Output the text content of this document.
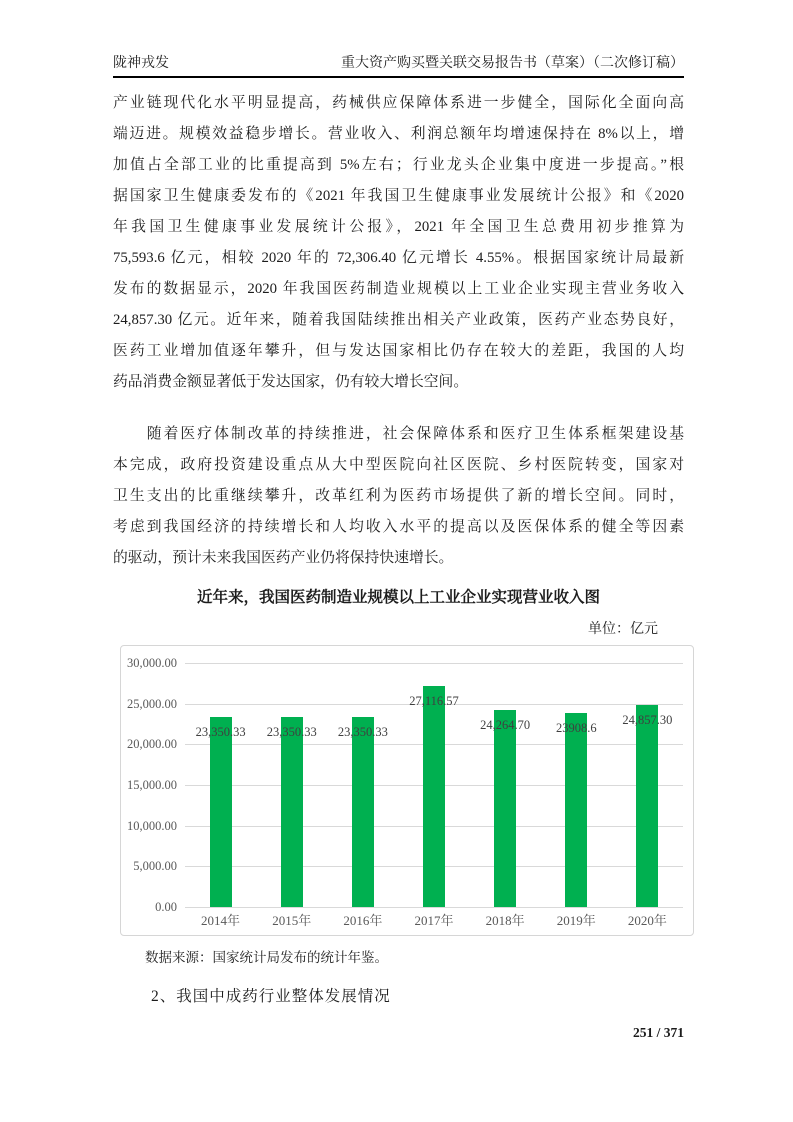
陇神戎发	重大资产购买暨关联交易报告书（草案）（二次修订稿）
产业链现代化水平明显提高，药械供应保障体系进一步健全，国际化全面向高
端迈进。规模效益稳步增长。营业收入、利润总额年均增速保持在 8%以上，增
加值占全部工业的比重提高到 5%左右；行业龙头企业集中度进一步提高。”根
据国家卫生健康委发布的《2021 年我国卫生健康事业发展统计公报》和《2020
年我国卫生健康事业发展统计公报》，2021 年全国卫生总费用初步推算为
75,593.6 亿元，相较 2020 年的 72,306.40 亿元增长 4.55%。根据国家统计局最新
发布的数据显示，2020 年我国医药制造业规模以上工业企业实现主营业务收入
24,857.30 亿元。近年来，随着我国陆续推出相关产业政策，医药产业态势良好，
医药工业增加值逐年攀升，但与发达国家相比仍存在较大的差距，我国的人均
药品消费金额显著低于发达国家，仍有较大增长空间。
　　随着医疗体制改革的持续推进，社会保障体系和医疗卫生体系框架建设基
本完成，政府投资建设重点从大中型医院向社区医院、乡村医院转变，国家对
卫生支出的比重继续攀升，改革红利为医药市场提供了新的增长空间。同时，
考虑到我国经济的持续增长和人均收入水平的提高以及医保体系的健全等因素
的驱动，预计未来我国医药产业仍将保持快速增长。
近年来，我国医药制造业规模以上工业企业实现营业收入图
单位：亿元
0.00
5,000.00
10,000.00
15,000.00
20,000.00
25,000.00
30,000.00
23,350.33
2014年
23,350.33
2015年
23,350.33
2016年
27,116.57
2017年
24,264.70
2018年
23908.6
2019年
24,857.30
2020年
数据来源：国家统计局发布的统计年鉴。
2、我国中成药行业整体发展情况
251 / 371
